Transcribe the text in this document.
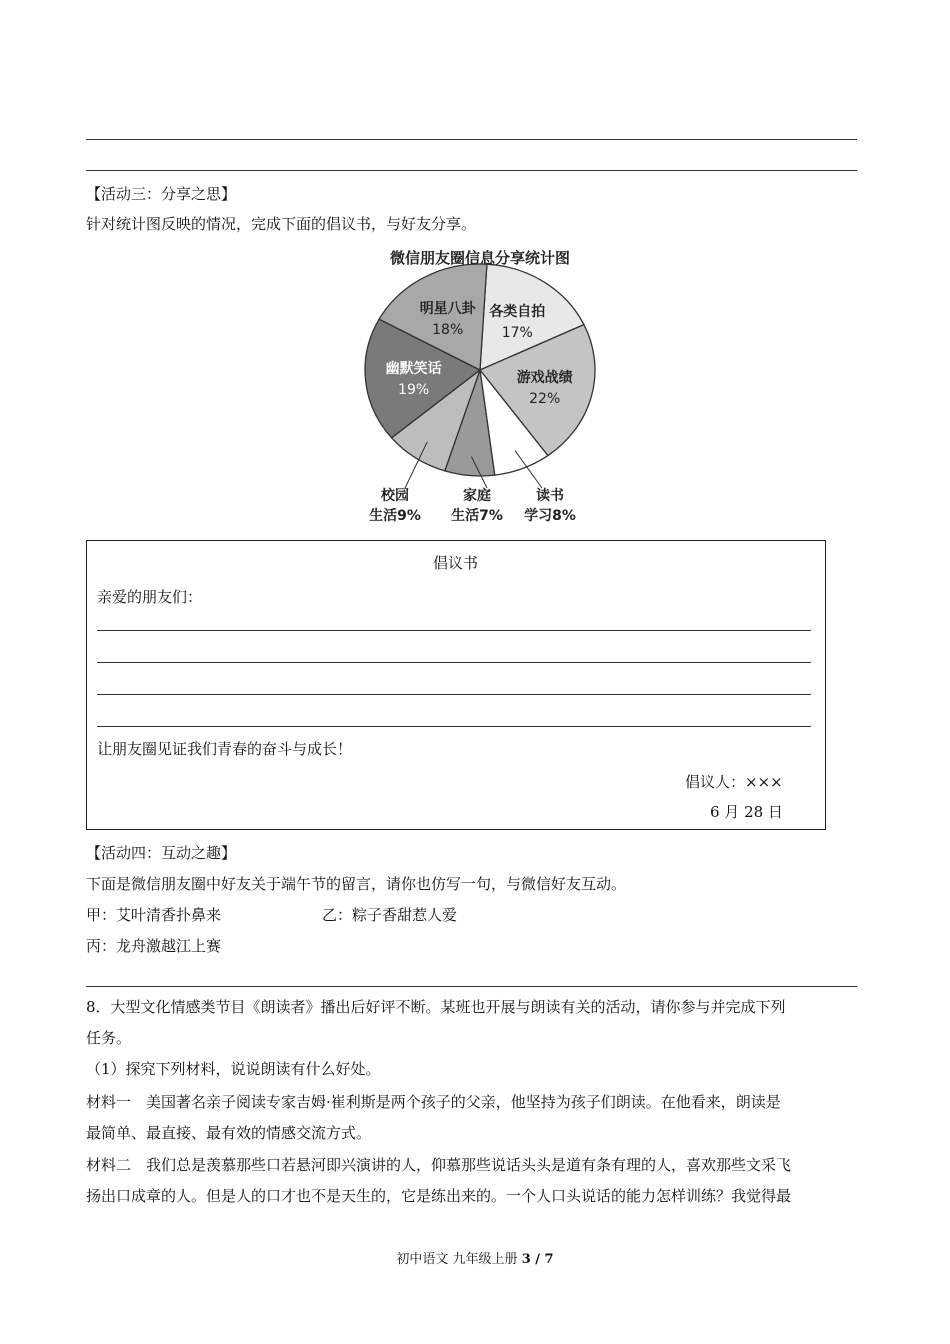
【活动三：分享之思】
针对统计图反映的情况，完成下面的倡议书，与好友分享。
微信朋友圈信息分享统计图
各类自拍
17%
游戏战绩
22%
读书
学习8%
家庭
生活7%
校园
生活9%
幽默笑话
19%
明星八卦
18%
倡议书
亲爱的朋友们：
让朋友圈见证我们青春的奋斗与成长！
倡议人：×××
6 月 28 日
【活动四：互动之趣】
下面是微信朋友圈中好友关于端午节的留言，请你也仿写一句，与微信好友互动。
甲：艾叶清香扑鼻来	乙：粽子香甜惹人爱
丙：龙舟激越江上赛
8．大型文化情感类节目《朗读者》播出后好评不断。某班也开展与朗读有关的活动，请你参与并完成下列
任务。
（1）探究下列材料，说说朗读有什么好处。
材料一　美国著名亲子阅读专家吉姆·崔利斯是两个孩子的父亲，他坚持为孩子们朗读。在他看来，朗读是
最简单、最直接、最有效的情感交流方式。
材料二　我们总是羡慕那些口若悬河即兴演讲的人，仰慕那些说话头头是道有条有理的人，喜欢那些文采飞
扬出口成章的人。但是人的口才也不是天生的，它是练出来的。一个人口头说话的能力怎样训练？我觉得最
初中语文 九年级上册 3 / 7
